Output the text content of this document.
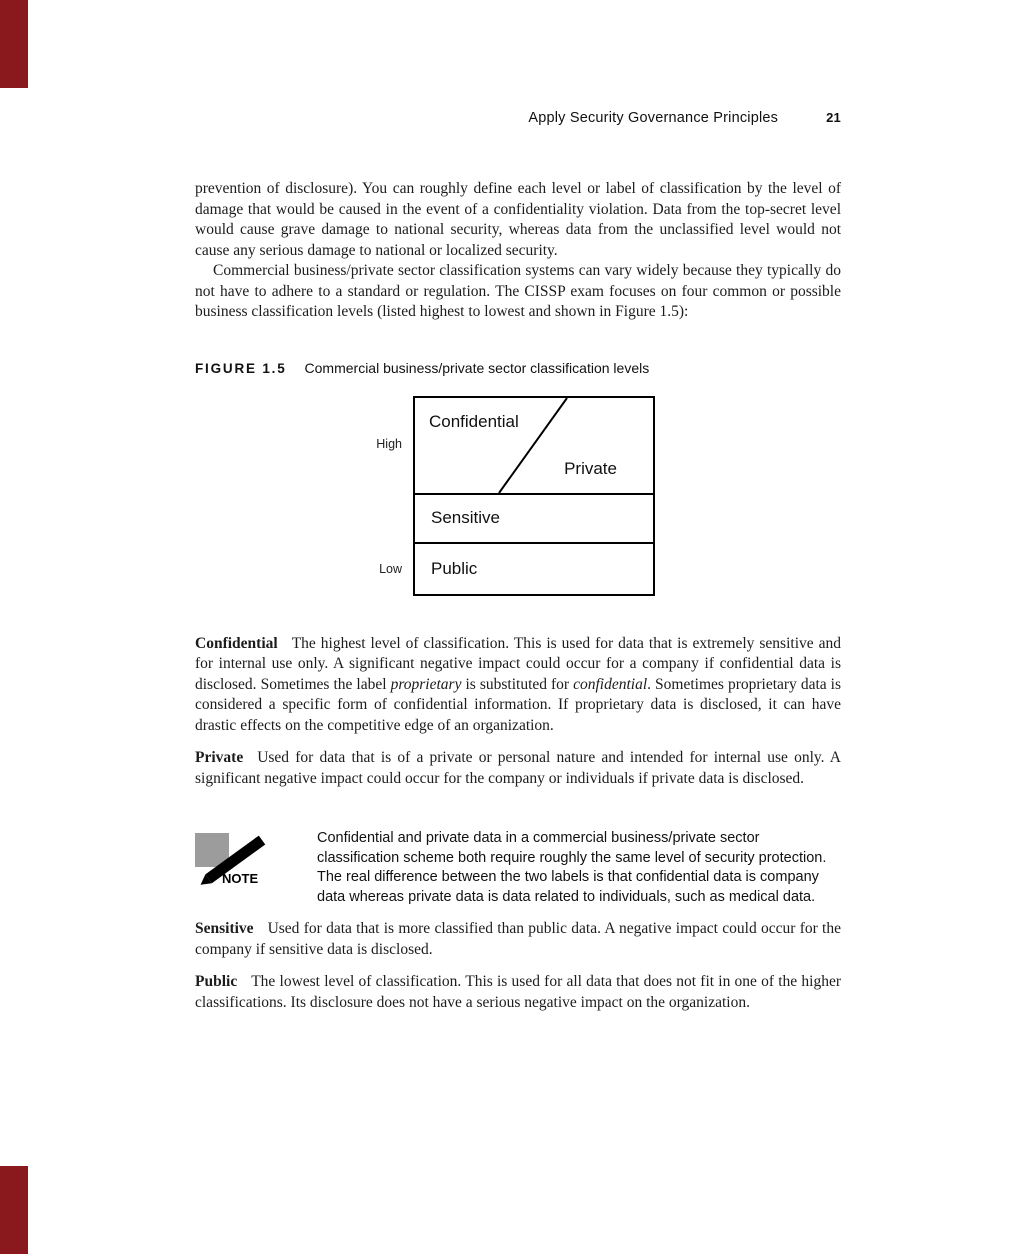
Apply Security Governance Principles	21

prevention of disclosure). You can roughly define each level or label of classification by the level of damage that would be caused in the event of a confidentiality violation. Data from the top-secret level would cause grave damage to national security, whereas data from the unclassified level would not cause any serious damage to national or localized security.

Commercial business/private sector classification systems can vary widely because they typically do not have to adhere to a standard or regulation. The CISSP exam focuses on four common or possible business classification levels (listed highest to lowest and shown in Figure 1.5):

FIGURE 1.5 Commercial business/private sector classification levels
High
Low
Confidential
Private
Sensitive
Public

Confidential The highest level of classification. This is used for data that is extremely sensitive and for internal use only. A significant negative impact could occur for a company if confidential data is disclosed. Sometimes the label proprietary is substituted for confidential. Sometimes proprietary data is considered a specific form of confidential information. If proprietary data is disclosed, it can have drastic effects on the competitive edge of an organization.

Private Used for data that is of a private or personal nature and intended for internal use only. A significant negative impact could occur for the company or individuals if private data is disclosed.

NOTE

Confidential and private data in a commercial business/private sector classification scheme both require roughly the same level of security protection. The real difference between the two labels is that confidential data is company data whereas private data is data related to individuals, such as medical data.

Sensitive Used for data that is more classified than public data. A negative impact could occur for the company if sensitive data is disclosed.

Public The lowest level of classification. This is used for all data that does not fit in one of the higher classifications. Its disclosure does not have a serious negative impact on the organization.
